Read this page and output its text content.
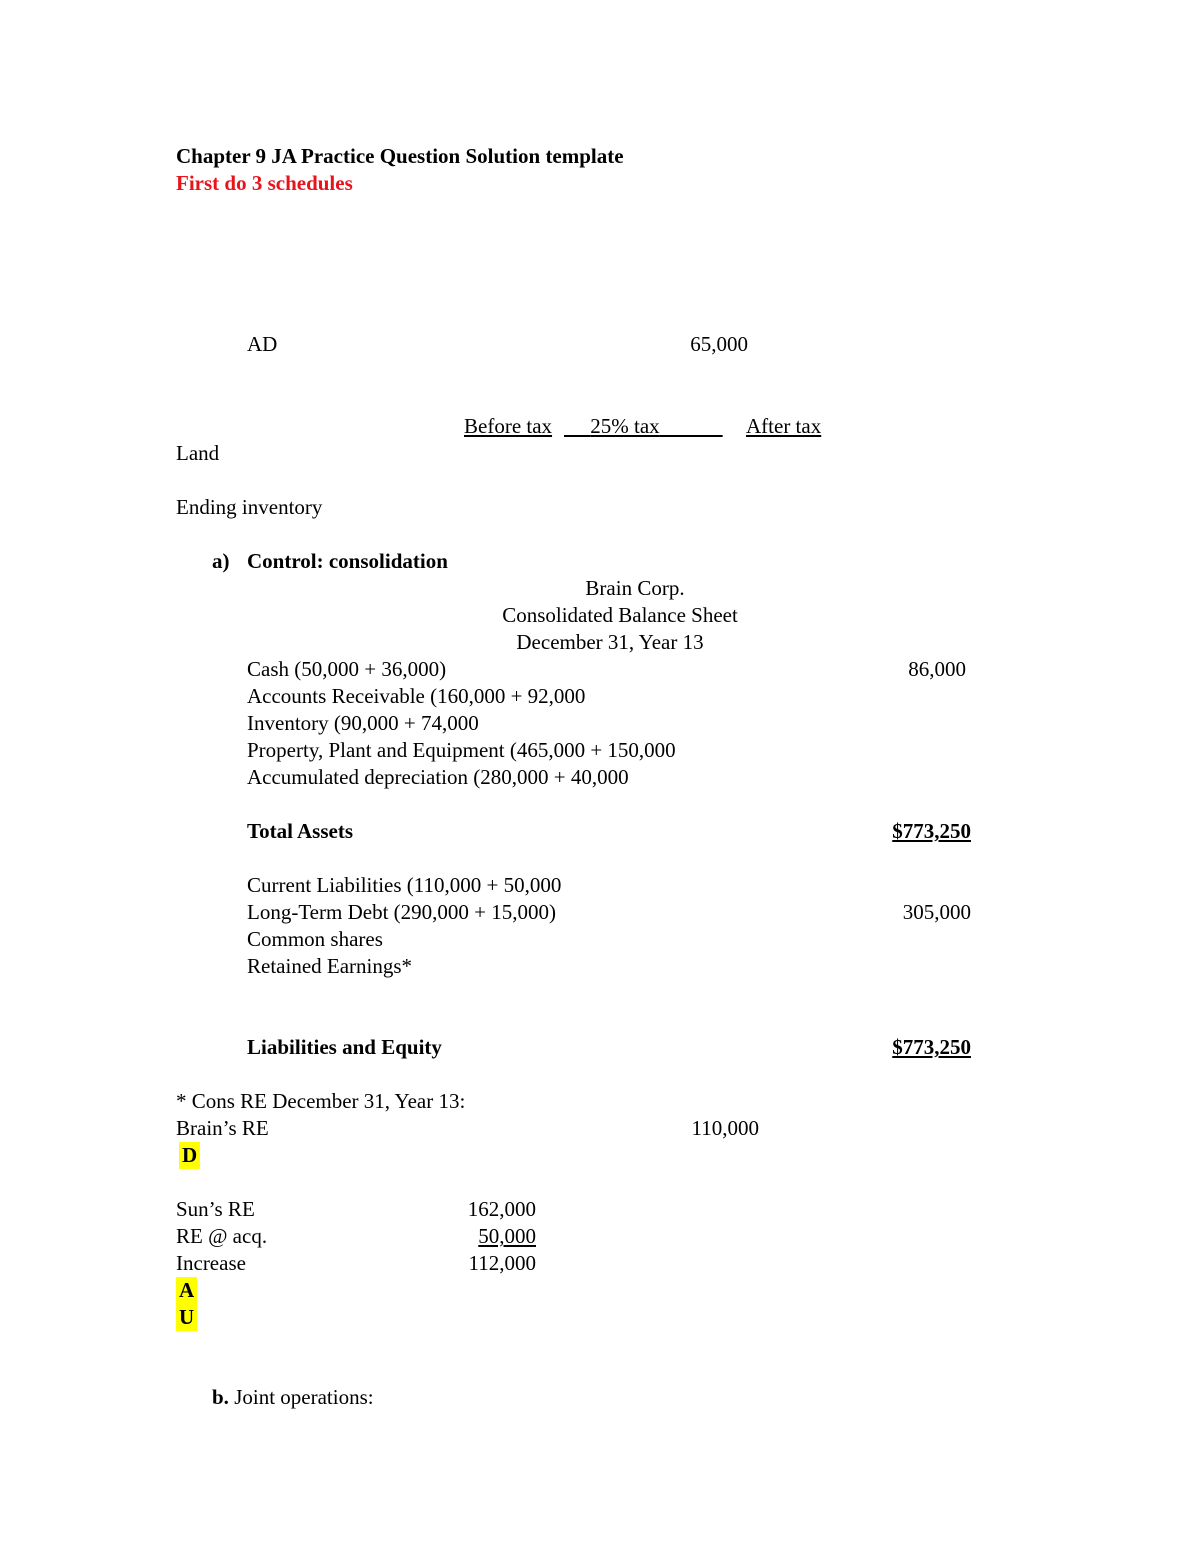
Chapter 9 JA Practice Question Solution template
First do 3 schedules
AD	65,000
Before tax	25% tax	After tax
Land
Ending inventory
a) Control: consolidation
Brain Corp.
Consolidated Balance Sheet
December 31, Year 13
Cash (50,000 + 36,000)	86,000
Accounts Receivable (160,000 + 92,000
Inventory (90,000 + 74,000
Property, Plant and Equipment (465,000 + 150,000
Accumulated depreciation (280,000 + 40,000
Total Assets	$773,250
Current Liabilities (110,000 + 50,000
Long-Term Debt (290,000 + 15,000)	305,000
Common shares
Retained Earnings*
Liabilities and Equity	$773,250
* Cons RE December 31, Year 13:
Brain’s RE	110,000
D
Sun’s RE	162,000
RE @ acq.	50,000
Increase	112,000
A
U
b. Joint operations:
